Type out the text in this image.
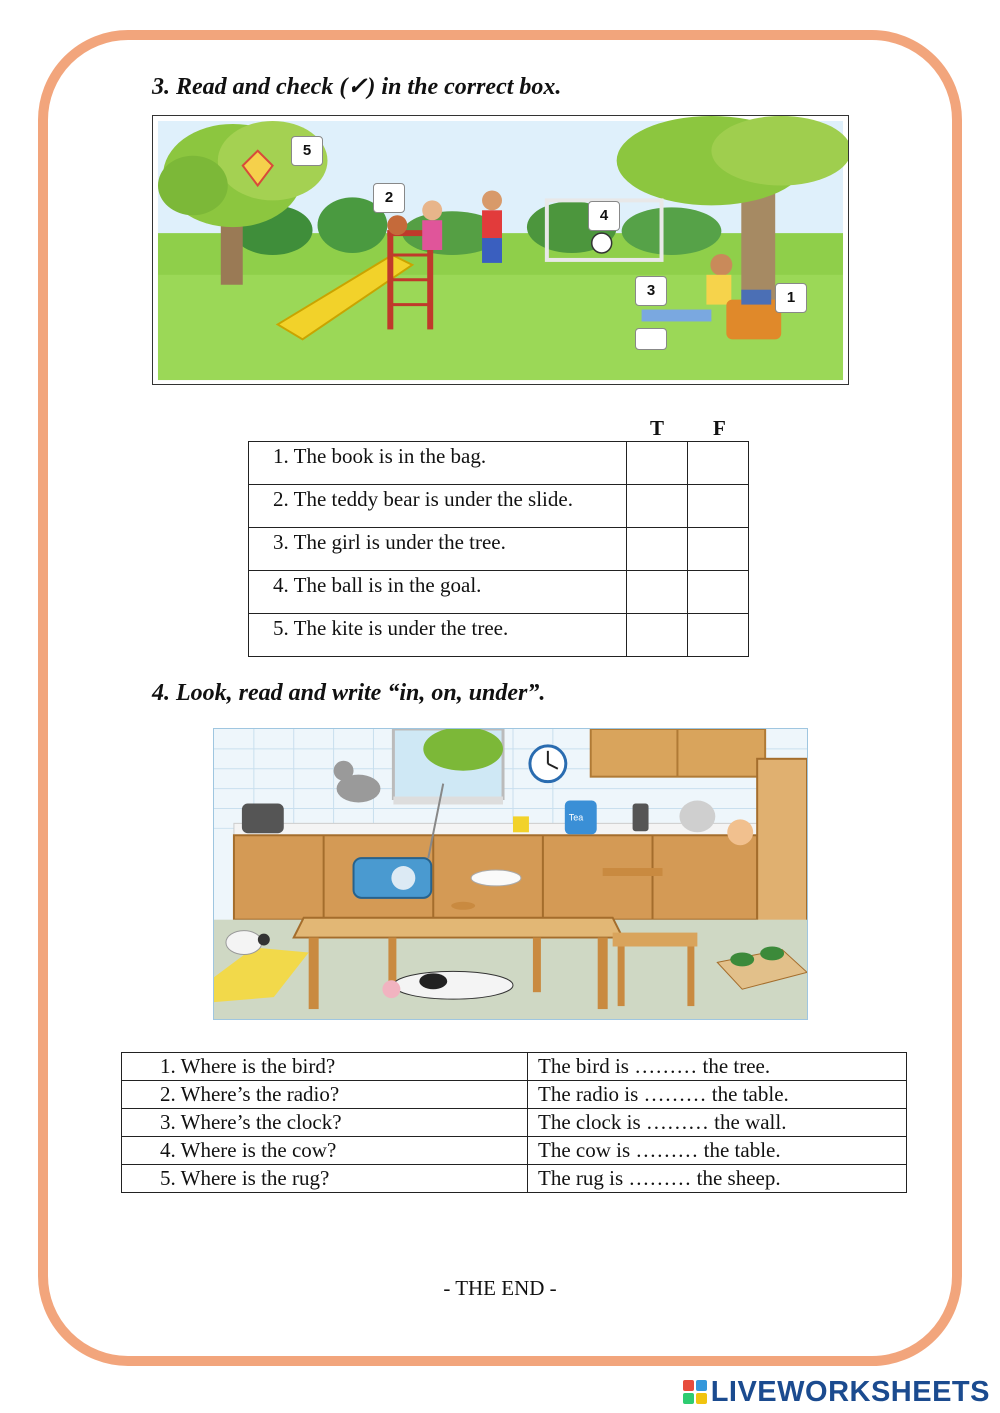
3. Read and check (✓) in the correct box.

5
2
4
3	1
T F
1. The book is in the bag.		
2. The teddy bear is under the slide.		
3. The girl is under the tree.		
4. The ball is in the goal.		
5. The kite is under the tree.		

4. Look, read and write “in, on, under”.

Tea
1. Where is the bird?	The bird is ……… the tree.
2. Where’s the radio?	The radio is ……… the table.
3. Where’s the clock?	The clock is ……… the wall.
4. Where is the cow?	The cow is ……… the table.
5. Where is the rug?	The rug is ……… the sheep.
- THE END -
LIVEWORKSHEETS
